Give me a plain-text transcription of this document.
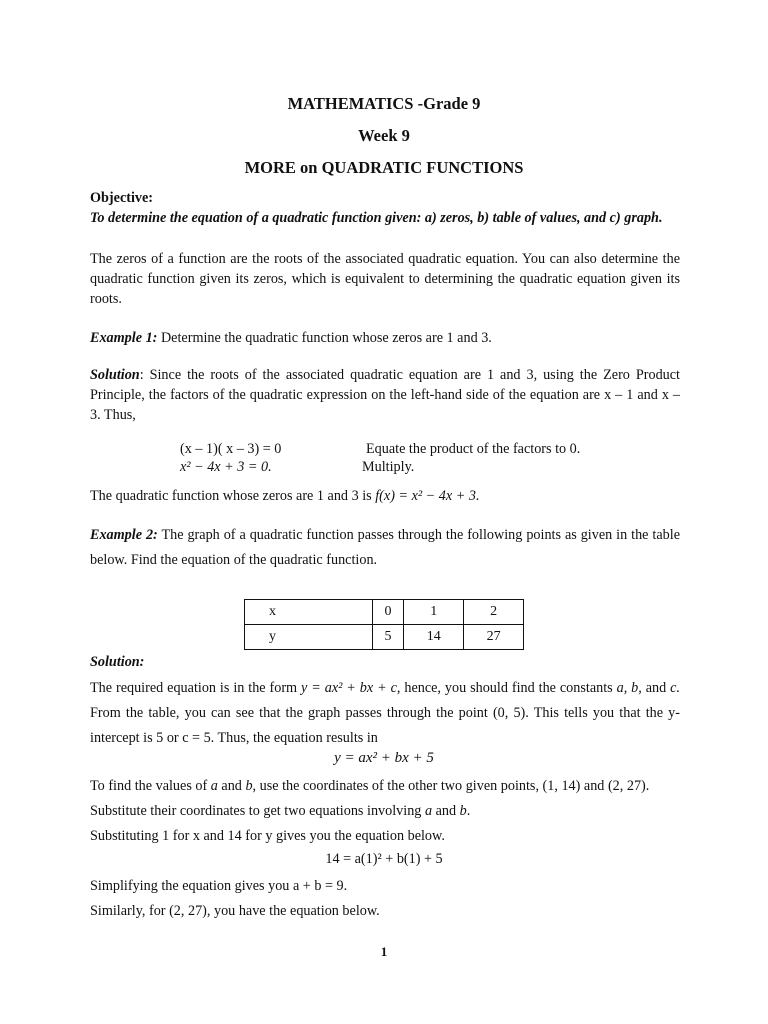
MATHEMATICS -Grade 9
Week 9
MORE on QUADRATIC FUNCTIONS
Objective:
To determine the equation of a quadratic function given: a) zeros, b) table of values, and c) graph.
The zeros of a function are the roots of the associated quadratic equation. You can also determine the quadratic function given its zeros, which is equivalent to determining the quadratic equation given its roots.
Example 1: Determine the quadratic function whose zeros are 1 and 3.
Solution: Since the roots of the associated quadratic equation are 1 and 3, using the Zero Product Principle, the factors of the quadratic expression on the left-hand side of the equation are x – 1 and x – 3. Thus,
(x – 1)( x – 3) = 0	Equate the product of the factors to 0.
x² − 4x + 3 = 0.	Multiply.
The quadratic function whose zeros are 1 and 3 is f(x) = x² − 4x + 3.
Example 2: The graph of a quadratic function passes through the following points as given in the table below. Find the equation of the quadratic function.
x	0	1	2
y	5	14	27
Solution:
The required equation is in the form y = ax² + bx + c, hence, you should find the constants a, b, and c. From the table, you can see that the graph passes through the point (0, 5). This tells you that the y-intercept is 5 or c = 5. Thus, the equation results in
y = ax² + bx + 5
To find the values of a and b, use the coordinates of the other two given points, (1, 14) and (2, 27).
Substitute their coordinates to get two equations involving a and b.
Substituting 1 for x and 14 for y gives you the equation below.
14 = a(1)² + b(1) + 5
Simplifying the equation gives you a + b = 9.
Similarly, for (2, 27), you have the equation below.
1
